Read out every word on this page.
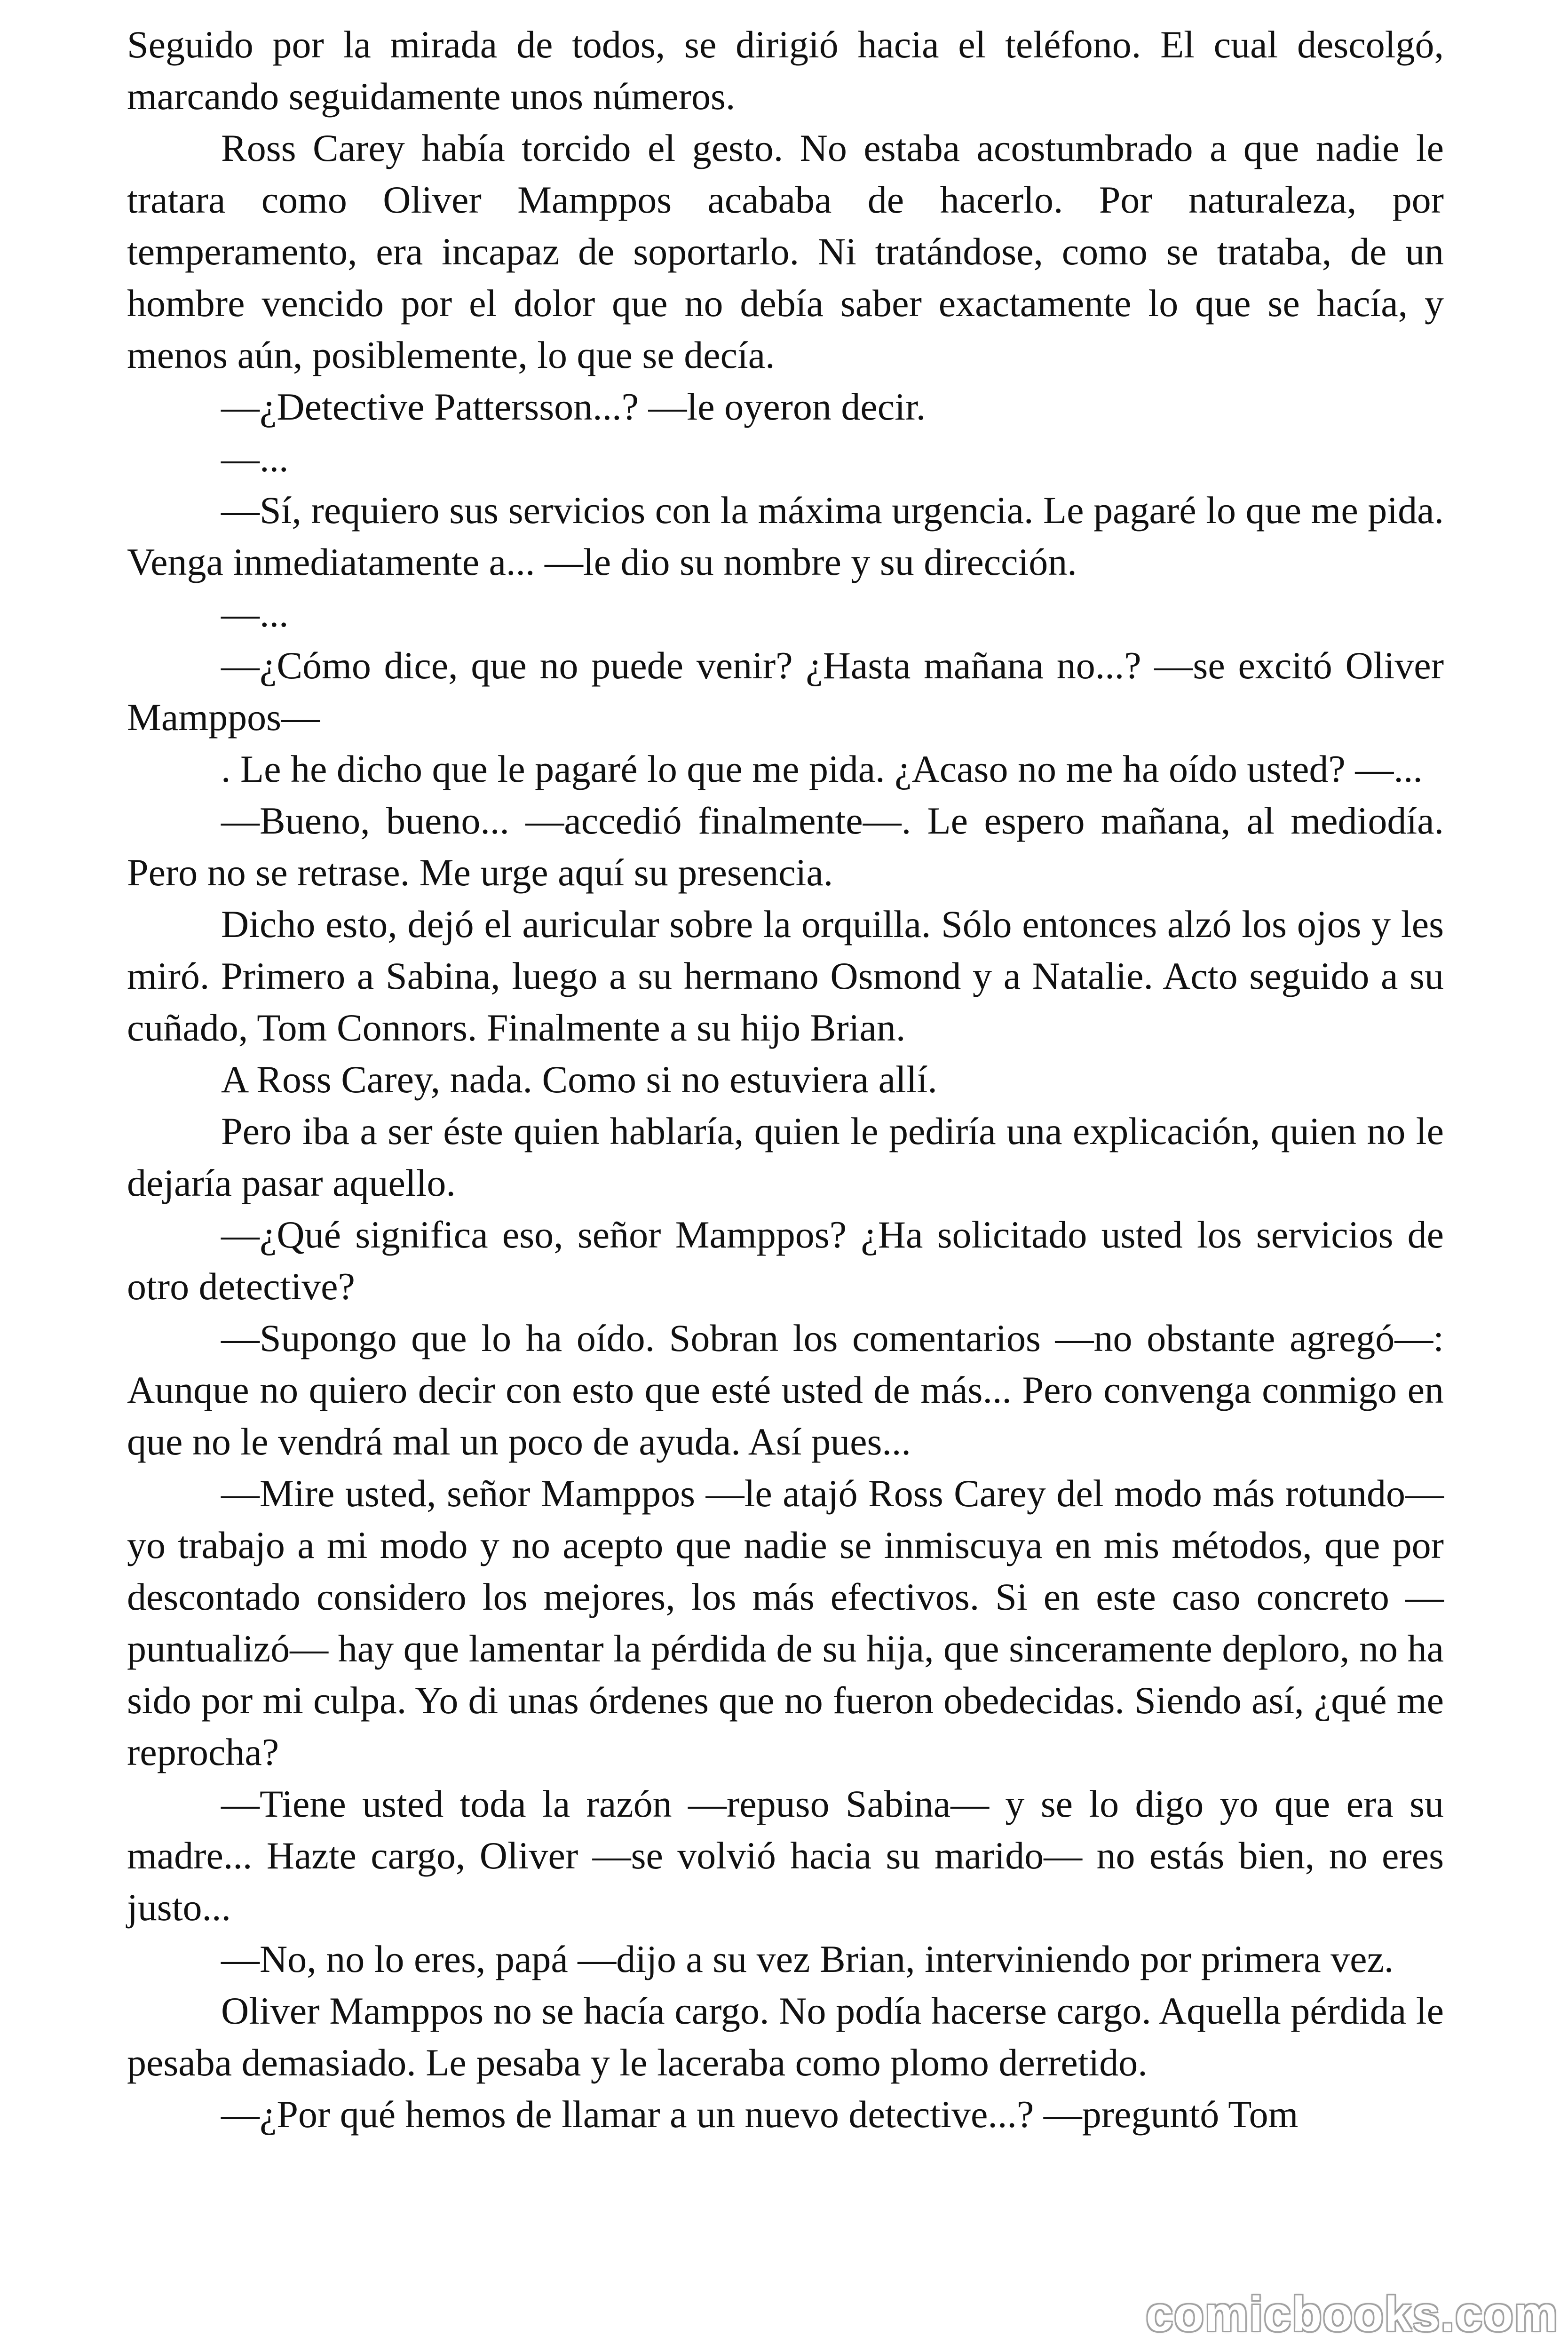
Seguido por la mirada de todos, se dirigió hacia el teléfono. El cual descolgó, marcando seguidamente unos números.

Ross Carey había torcido el gesto. No estaba acostumbrado a que nadie le tratara como Oliver Mamppos acababa de hacerlo. Por naturaleza, por temperamento, era incapaz de soportarlo. Ni tratándose, como se trataba, de un hombre vencido por el dolor que no debía saber exactamente lo que se hacía, y menos aún, posiblemente, lo que se decía.

—¿Detective Pattersson...? —le oyeron decir.

—...

—Sí, requiero sus servicios con la máxima urgencia. Le pagaré lo que me pida. Venga inmediatamente a... —le dio su nombre y su dirección.

—...

—¿Cómo dice, que no puede venir? ¿Hasta mañana no...? —se excitó Oliver Mamppos—

. Le he dicho que le pagaré lo que me pida. ¿Acaso no me ha oído usted? —...

—Bueno, bueno... —accedió finalmente—. Le espero mañana, al mediodía. Pero no se retrase. Me urge aquí su presencia.

Dicho esto, dejó el auricular sobre la orquilla. Sólo entonces alzó los ojos y les miró. Primero a Sabina, luego a su hermano Osmond y a Natalie. Acto seguido a su cuñado, Tom Connors. Finalmente a su hijo Brian.

A Ross Carey, nada. Como si no estuviera allí.

Pero iba a ser éste quien hablaría, quien le pediría una explicación, quien no le dejaría pasar aquello.

—¿Qué significa eso, señor Mamppos? ¿Ha solicitado usted los servicios de otro detective?

—Supongo que lo ha oído. Sobran los comentarios —no obstante agregó—: Aunque no quiero decir con esto que esté usted de más... Pero convenga conmigo en que no le vendrá mal un poco de ayuda. Así pues...

—Mire usted, señor Mamppos —le atajó Ross Carey del modo más rotundo— yo trabajo a mi modo y no acepto que nadie se inmiscuya en mis métodos, que por descontado considero los mejores, los más efectivos. Si en este caso concreto —puntualizó— hay que lamentar la pérdida de su hija, que sinceramente deploro, no ha sido por mi culpa. Yo di unas órdenes que no fueron obedecidas. Siendo así, ¿qué me reprocha?

—Tiene usted toda la razón —repuso Sabina— y se lo digo yo que era su madre... Hazte cargo, Oliver —se volvió hacia su marido— no estás bien, no eres justo...

—No, no lo eres, papá —dijo a su vez Brian, interviniendo por primera vez.

Oliver Mamppos no se hacía cargo. No podía hacerse cargo. Aquella pérdida le pesaba demasiado. Le pesaba y le laceraba como plomo derretido.

—¿Por qué hemos de llamar a un nuevo detective...? —preguntó Tom

comicbooks.com
